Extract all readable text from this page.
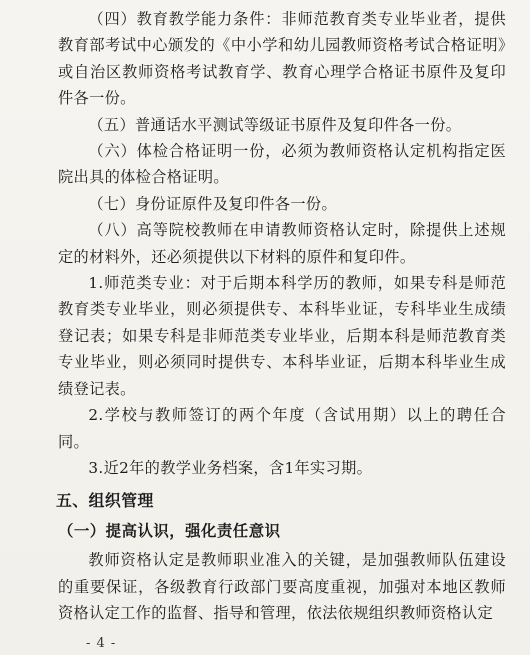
（四）教育教学能力条件：非师范教育类专业毕业者，提供教育部考试中心颁发的《中小学和幼儿园教师资格考试合格证明》或自治区教师资格考试教育学、教育心理学合格证书原件及复印件各一份。

（五）普通话水平测试等级证书原件及复印件各一份。

（六）体检合格证明一份，必须为教师资格认定机构指定医院出具的体检合格证明。

（七）身份证原件及复印件各一份。

（八）高等院校教师在申请教师资格认定时，除提供上述规定的材料外，还必须提供以下材料的原件和复印件。

1.师范类专业：对于后期本科学历的教师，如果专科是师范教育类专业毕业，则必须提供专、本科毕业证，专科毕业生成绩登记表；如果专科是非师范类专业毕业，后期本科是师范教育类专业毕业，则必须同时提供专、本科毕业证，后期本科毕业生成绩登记表。

2.学校与教师签订的两个年度（含试用期）以上的聘任合同。

3.近2年的教学业务档案，含1年实习期。

五、组织管理
（一）提高认识，强化责任意识

教师资格认定是教师职业准入的关键，是加强教师队伍建设的重要保证，各级教育行政部门要高度重视，加强对本地区教师资格认定工作的监督、指导和管理，依法依规组织教师资格认定

- 4 -
